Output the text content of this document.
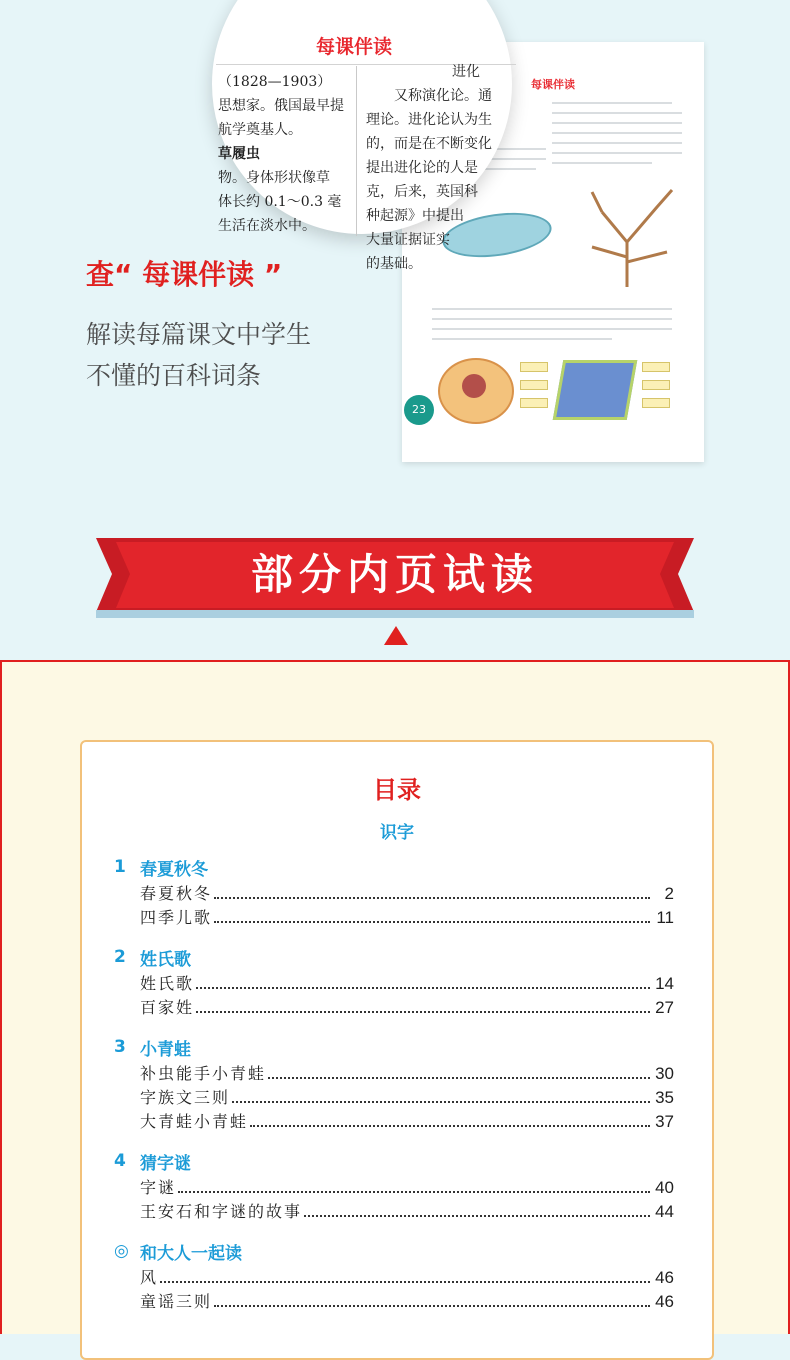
每课伴读
23
每课伴读
（1828—1903）
思想家。俄国最早提
航学奠基人。
草履虫
物。身体形状像草
体长约 0.1～0.3 毫
生活在淡水中。
进化
又称演化论。通
理论。进化论认为生
的，而是在不断变化
提出进化论的人是
克，后来，英国科
种起源》中提出
大量证据证实
的基础。
查“ 每课伴读 ”
解读每篇课文中学生
不懂的百科词条
部分内页试读
目录
识字
1 春夏秋冬
春夏秋冬	2
四季儿歌	11
2 姓氏歌
姓氏歌	14
百家姓	27
3 小青蛙
补虫能手小青蛙	30
字族文三则	35
大青蛙小青蛙	37
4 猜字谜
字谜	40
王安石和字谜的故事	44
◎ 和大人一起读
风	46
童谣三则	46
